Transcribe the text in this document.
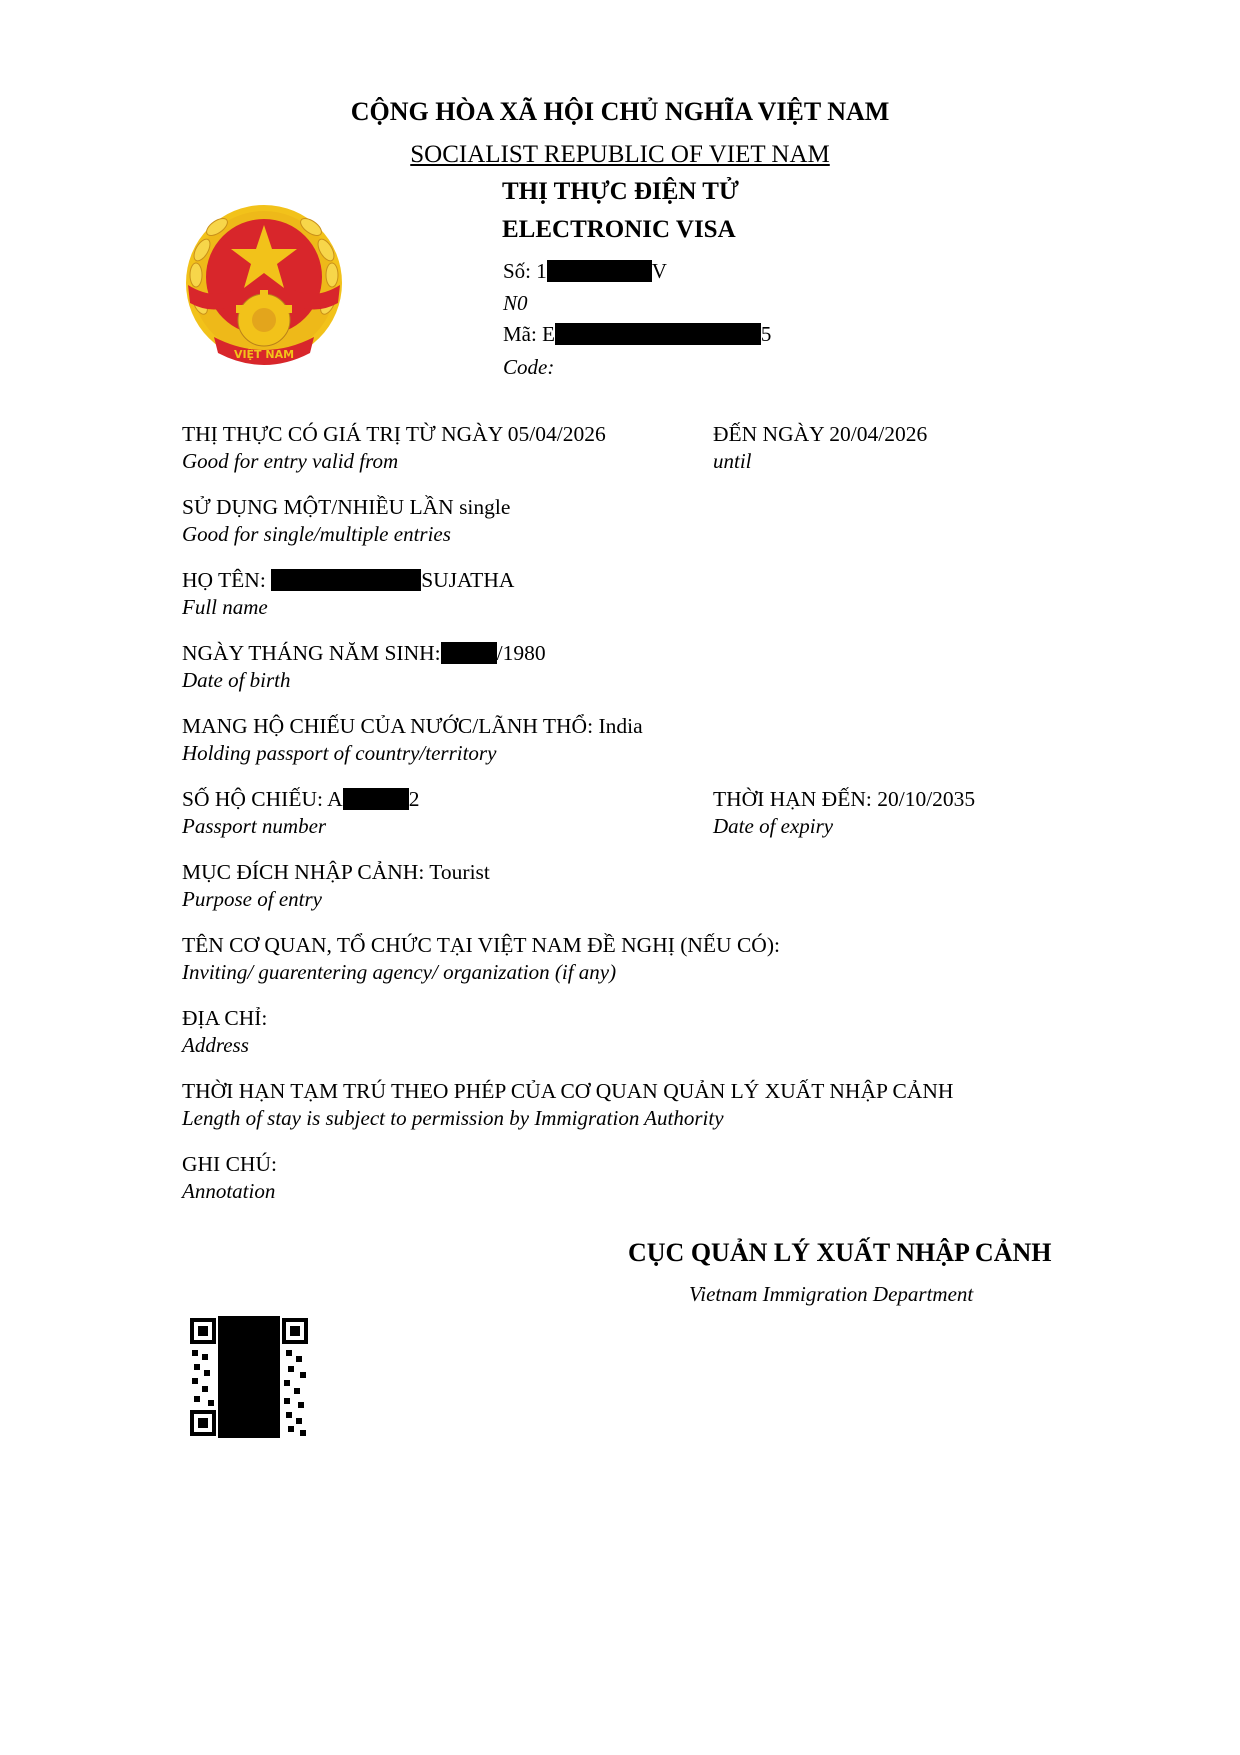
CỘNG HÒA XÃ HỘI CHỦ NGHĨA VIỆT NAM
SOCIALIST REPUBLIC OF VIET NAM
THỊ THỰC ĐIỆN TỬ
ELECTRONIC VISA
VIỆT NAM
Số: 1	V
N0
Mã: E	5
Code:
THỊ THỰC CÓ GIÁ TRỊ TỪ NGÀY 05/04/2026
Good for entry valid from
ĐẾN NGÀY 20/04/2026
until
SỬ DỤNG MỘT/NHIỀU LẦN single
Good for single/multiple entries
HỌ TÊN:	SUJATHA
Full name
NGÀY THÁNG NĂM SINH:	/1980
Date of birth
MANG HỘ CHIẾU CỦA NƯỚC/LÃNH THỔ: India
Holding passport of country/territory
SỐ HỘ CHIẾU: A	2
Passport number
THỜI HẠN ĐẾN: 20/10/2035
Date of expiry
MỤC ĐÍCH NHẬP CẢNH: Tourist
Purpose of entry
TÊN CƠ QUAN, TỔ CHỨC TẠI VIỆT NAM ĐỀ NGHỊ (NẾU CÓ):
Inviting/ guarentering agency/ organization (if any)
ĐỊA CHỈ:
Address
THỜI HẠN TẠM TRÚ THEO PHÉP CỦA CƠ QUAN QUẢN LÝ XUẤT NHẬP CẢNH
Length of stay is subject to permission by Immigration Authority
GHI CHÚ:
Annotation
CỤC QUẢN LÝ XUẤT NHẬP CẢNH
Vietnam Immigration Department
